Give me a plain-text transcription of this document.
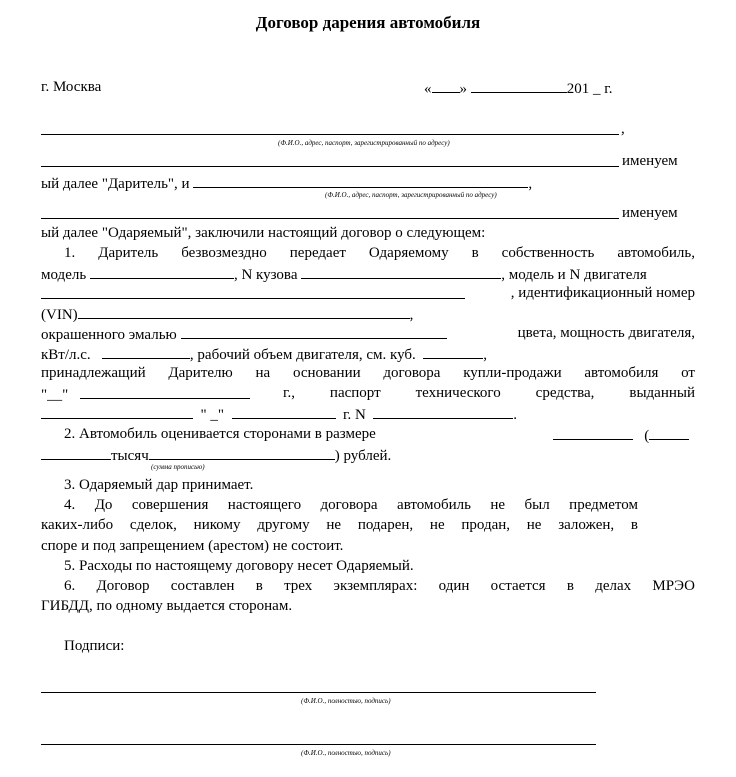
Договор дарения автомобиля
г. Москва	« »	201 _ г.
,
(Ф.И.О., адрес, паспорт, зарегистрированный по адресу)
именуем
ый далее "Даритель", и	,
(Ф.И.О., адрес, паспорт, зарегистрированный по адресу)
именуем
ый далее "Одаряемый", заключили настоящий договор о следующем:
1. Даритель безвозмездно передает Одаряемому в собственность автомобиль,
модель	, N кузова	, модель и N двигателя
, идентификационный номер
(VIN)	,
окрашенного эмалью	цвета, мощность двигателя,
кВт/л.с.	, рабочий объем двигателя, см. куб.	,
принадлежащий Дарителю на основании договора купли-продажи автомобиля от
"__"	г., паспорт технического средства, выданный
" _"	г. N	.
2. Автомобиль оценивается сторонами в размере	(
тысяч	) рублей.
(сумма прописью)
3. Одаряемый дар принимает.
4. До совершения настоящего договора автомобиль не был предметом
каких-либо сделок, никому другому не подарен, не продан, не заложен, в
споре и под запрещением (арестом) не состоит.
5. Расходы по настоящему договору несет Одаряемый.
6. Договор составлен в трех экземплярах: один остается в делах МРЭО
ГИБДД, по одному выдается сторонам.
Подписи:
(Ф.И.О., полностью, подпись)
(Ф.И.О., полностью, подпись)
